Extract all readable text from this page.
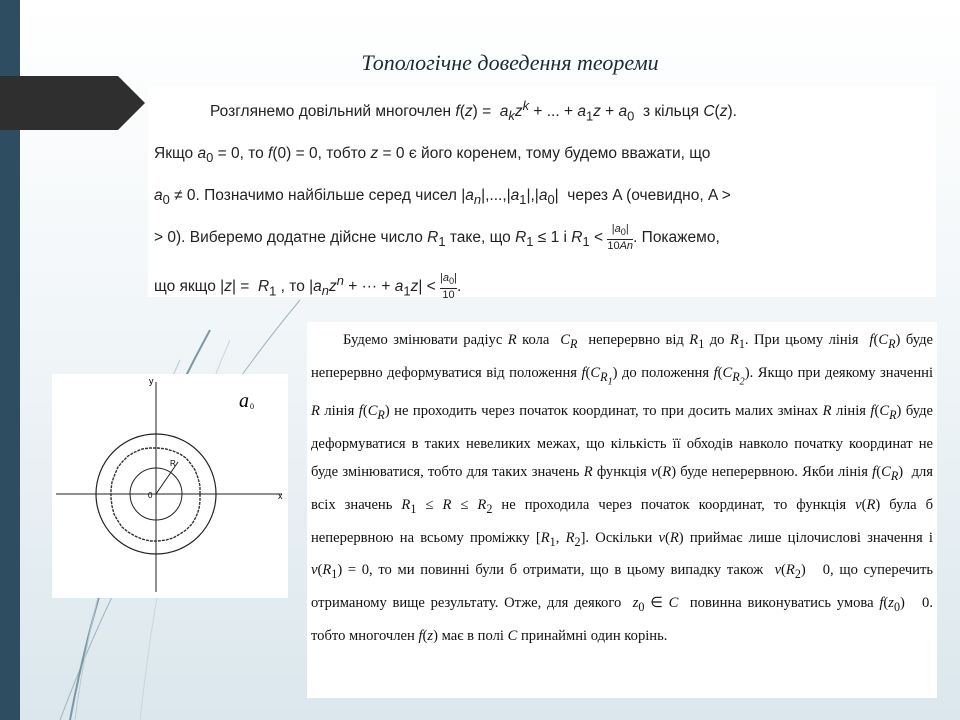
Топологічне доведення теореми

Розглянемо довільний многочлен $f(z) = a_kz^k$ + ... + $a_1z + a_0$  з кільця C(z).

Якщо $a_0 = 0$, то f(0) = 0, тобто z = 0 є його коренем, тому будемо вважати, що

$a_0 \ne 0$. Позначимо найбільше серед чисел $|a_n|,...,|a_1|,|a_0|$  через A (очевидно, A >

> 0). Виберемо додатне дійсне число $R_1$ таке, що $R_1 \le 1$ і $R_1 < \frac{|a_0|}{10An}$ . Покажемо,

що якщо $|z| = R_1$ , то $|a_nz^n$ + ··· + $a_1z| < \frac{|a_0|}{10}$ .

y
x
0
R
a 0

Будемо змінювати радіус R кола  $C_R$  неперервно від $R_1$ до $R_1$. При цьому лінія  $f(C_R)$ буде неперервно деформуватися від положення $f(C_{R_1})$ до положення $f(C_{R_2})$. Якщо при деякому значенні R лінія $f(C_R)$ не проходить через початок координат, то при досить малих змінах R лінія $f(C_R)$ буде деформуватися в таких невеликих межах, що кількість її обходів навколо початку координат не буде змінюватися, тобто для таких значень R функція ν(R) буде неперервною. Якби лінія $f(C_R)$  для всіх значень $R_1 \le R \le R_2$ не проходила через початок координат, то функція ν(R) була б неперервною на всьому проміжку [$R_1$, $R_2$]. Оскільки ν(R) приймає лише цілочислові значення і $\nu(R_1) = 0$, то ми повинні були б отримати, що в цьому випадку також  $\nu(R_2)$   0, що суперечить отриманому вище результату. Отже, для деякого  $z_0$ ∈ C  повинна виконуватись умова $f(z_0)$   0. тобто многочлен f(z) має в полі C принаймні один корінь.
